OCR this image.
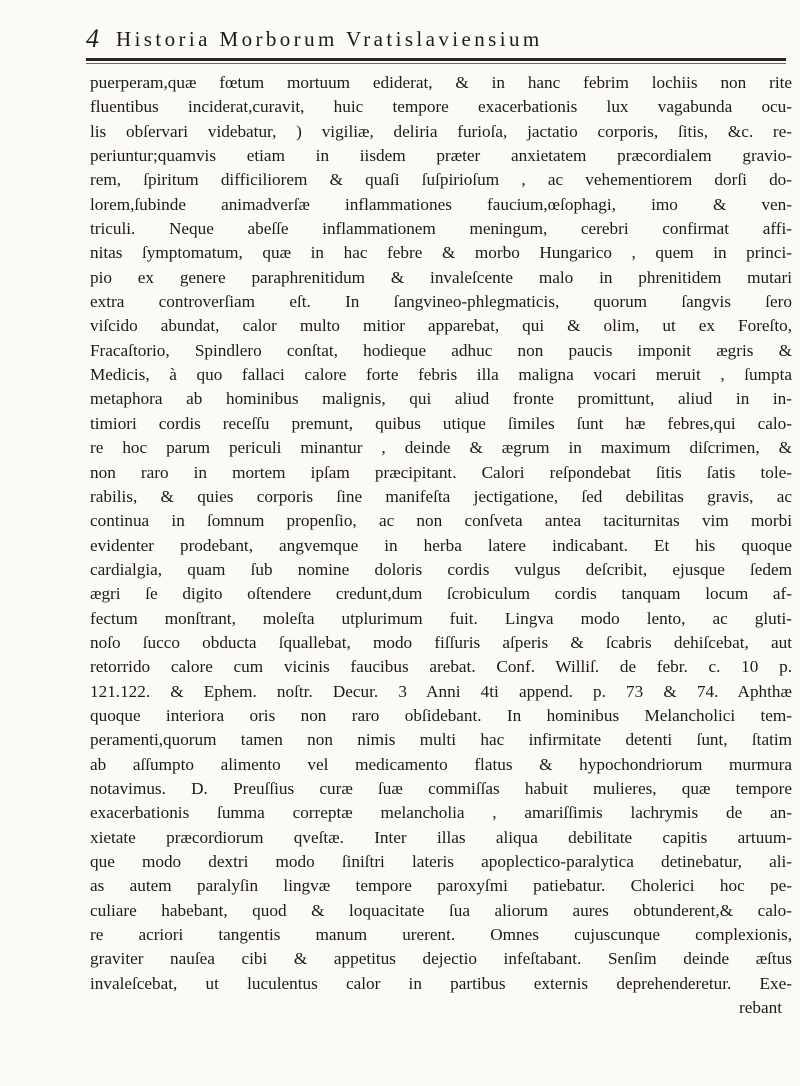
4 Historia Morborum Vratislaviensium
puerperam,quæ fœtum mortuum ediderat, & in hanc febrim lochiis non rite
fluentibus inciderat,curavit, huic tempore exacerbationis lux vagabunda ocu-
lis obſervari videbatur, ) vigiliæ, deliria furioſa, jactatio corporis, ſitis, &c. re-
periuntur;quamvis etiam in iisdem præter anxietatem præcordialem gravio-
rem, ſpiritum difficiliorem & quaſi ſuſpirioſum , ac vehementiorem dorſi do-
lorem,ſubinde animadverſæ inflammationes faucium,œſophagi, imo & ven-
triculi. Neque abeſſe inflammationem meningum, cerebri confirmat affi-
nitas ſymptomatum, quæ in hac febre & morbo Hungarico , quem in princi-
pio ex genere paraphrenitidum & invaleſcente malo in phrenitidem mutari
extra controverſiam eſt. In ſangvineo-phlegmaticis, quorum ſangvis ſero
viſcido abundat, calor multo mitior apparebat, qui & olim, ut ex Foreſto,
Fracaſtorio, Spindlero conſtat, hodieque adhuc non paucis imponit ægris &
Medicis, à quo fallaci calore forte febris illa maligna vocari meruit , ſumpta
metaphora ab hominibus malignis, qui aliud fronte promittunt, aliud in in-
timiori cordis receſſu premunt, quibus utique ſimiles ſunt hæ febres,qui calo-
re hoc parum periculi minantur , deinde & ægrum in maximum diſcrimen, &
non raro in mortem ipſam præcipitant. Calori reſpondebat ſitis ſatis tole-
rabilis, & quies corporis ſine manifeſta jectigatione, ſed debilitas gravis, ac
continua in ſomnum propenſio, ac non conſveta antea taciturnitas vim morbi
evidenter prodebant, angvemque in herba latere indicabant. Et his quoque
cardialgia, quam ſub nomine doloris cordis vulgus deſcribit, ejusque ſedem
ægri ſe digito oſtendere credunt,dum ſcrobiculum cordis tanquam locum af-
fectum monſtrant, moleſta utplurimum fuit. Lingva modo lento, ac gluti-
noſo ſucco obducta ſquallebat, modo fiſſuris aſperis & ſcabris dehiſcebat, aut
retorrido calore cum vicinis faucibus arebat. Conf. Williſ. de febr. c. 10 p.
121.122. & Ephem. noſtr. Decur. 3 Anni 4ti append. p. 73 & 74. Aphthæ
quoque interiora oris non raro obſidebant. In hominibus Melancholici tem-
peramenti,quorum tamen non nimis multi hac infirmitate detenti ſunt, ſtatim
ab aſſumpto alimento vel medicamento flatus & hypochondriorum murmura
notavimus. D. Preuſſius curæ ſuæ commiſſas habuit mulieres, quæ tempore
exacerbationis ſumma correptæ melancholia , amariſſimis lachrymis de an-
xietate præcordiorum qveſtæ. Inter illas aliqua debilitate capitis artuum-
que modo dextri modo ſiniſtri lateris apoplectico-paralytica detinebatur, ali-
as autem paralyſin lingvæ tempore paroxyſmi patiebatur. Cholerici hoc pe-
culiare habebant, quod & loquacitate ſua aliorum aures obtunderent,& calo-
re acriori tangentis manum urerent. Omnes cujuscunque complexionis,
graviter nauſea cibi & appetitus dejectio infeſtabant. Senſim deinde æſtus
invaleſcebat, ut luculentus calor in partibus externis deprehenderetur. Exe-
rebant
